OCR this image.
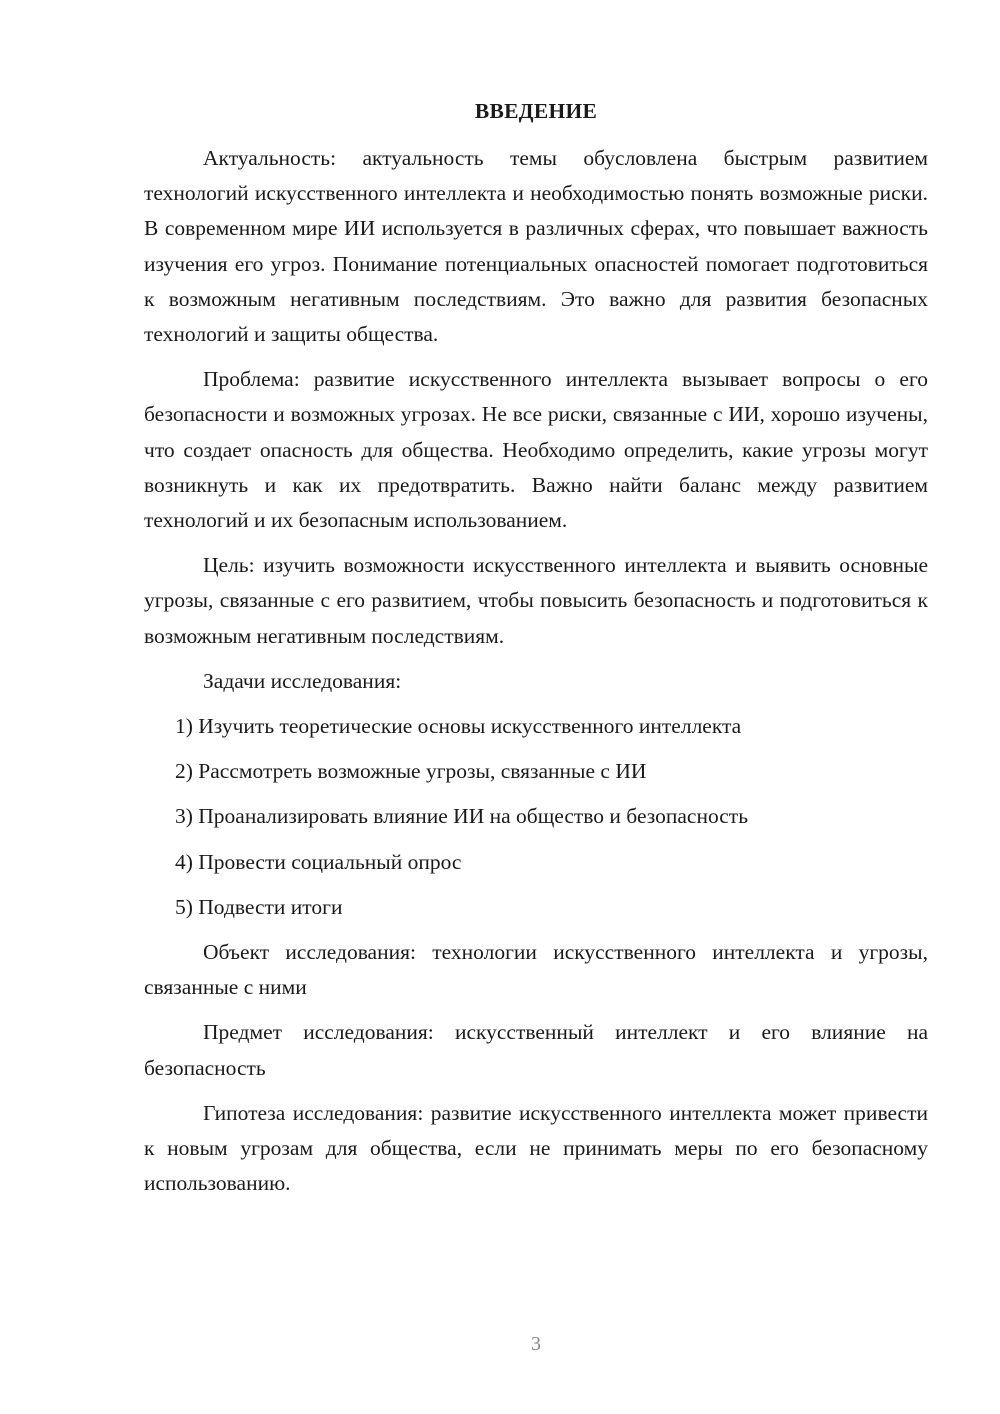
ВВЕДЕНИЕ

Актуальность: актуальность темы обусловлена быстрым развитием технологий искусственного интеллекта и необходимостью понять возможные риски. В современном мире ИИ используется в различных сферах, что повышает важность изучения его угроз. Понимание потенциальных опасностей помогает подготовиться к возможным негативным последствиям. Это важно для развития безопасных технологий и защиты общества.

Проблема: развитие искусственного интеллекта вызывает вопросы о его безопасности и возможных угрозах. Не все риски, связанные с ИИ, хорошо изучены, что создает опасность для общества. Необходимо определить, какие угрозы могут возникнуть и как их предотвратить. Важно найти баланс между развитием технологий и их безопасным использованием.

Цель: изучить возможности искусственного интеллекта и выявить основные угрозы, связанные с его развитием, чтобы повысить безопасность и подготовиться к возможным негативным последствиям.

Задачи исследования:

1) Изучить теоретические основы искусственного интеллекта
2) Рассмотреть возможные угрозы, связанные с ИИ
3) Проанализировать влияние ИИ на общество и безопасность
4) Провести социальный опрос
5) Подвести итоги

Объект исследования: технологии искусственного интеллекта и угрозы, связанные с ними

Предмет исследования: искусственный интеллект и его влияние на безопасность

Гипотеза исследования: развитие искусственного интеллекта может привести к новым угрозам для общества, если не принимать меры по его безопасному использованию.

3
